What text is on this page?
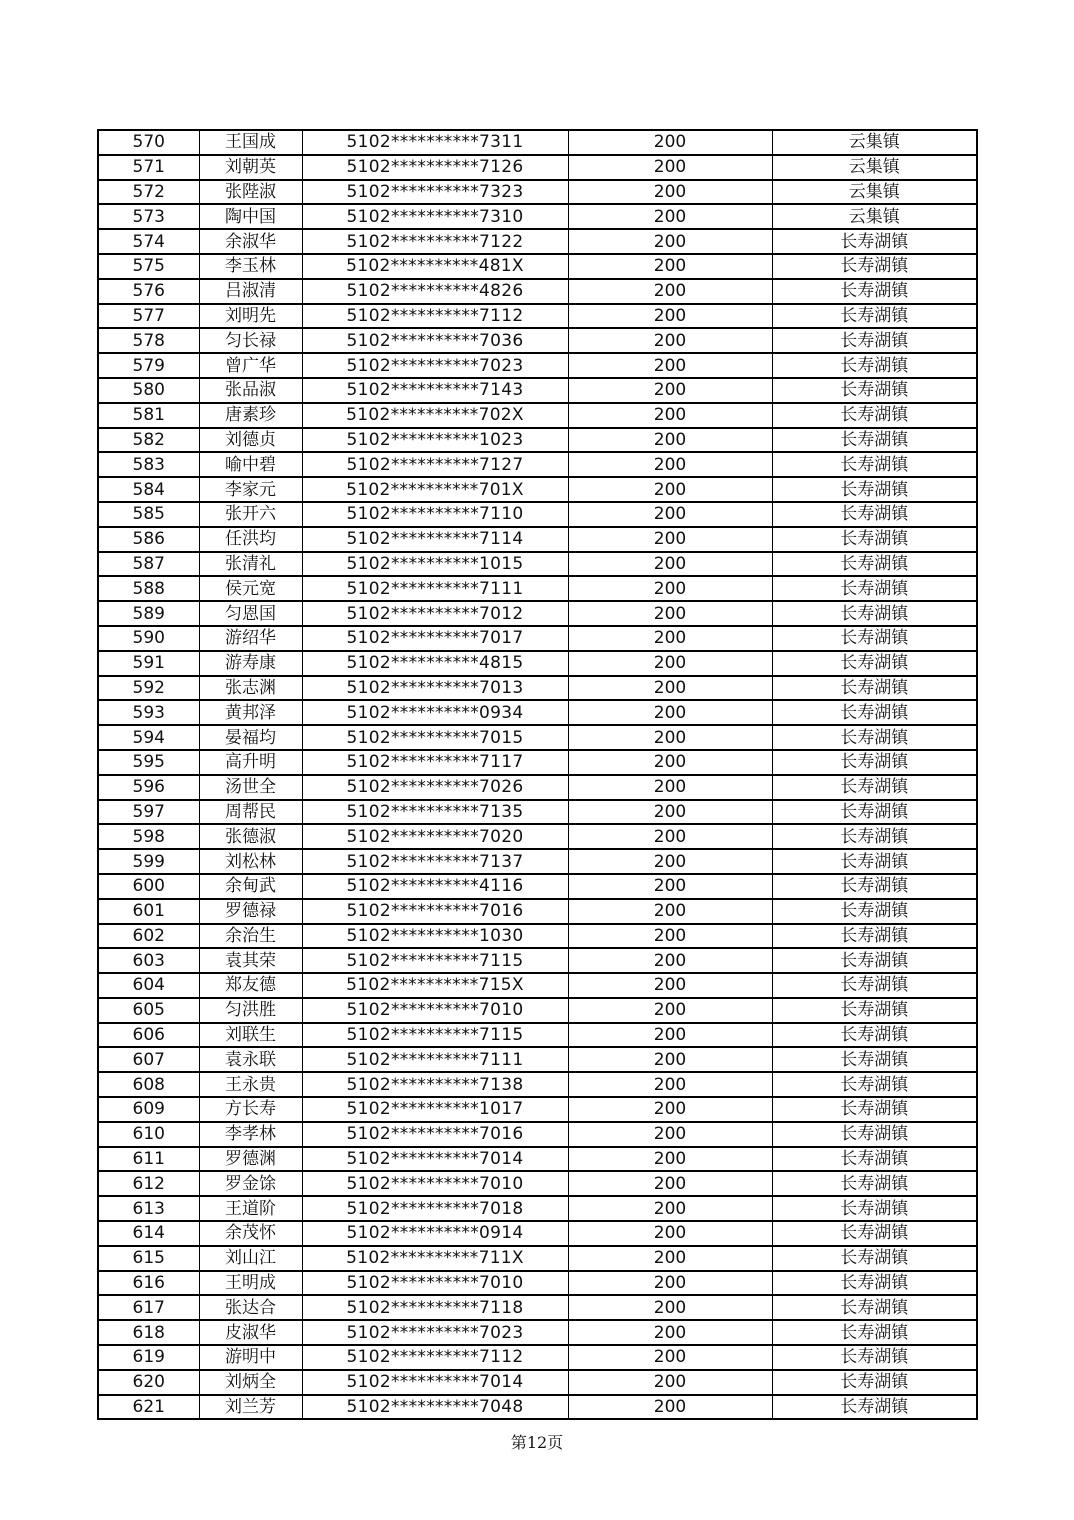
570	王国成	5102**********7311	200	云集镇
571	刘朝英	5102**********7126	200	云集镇
572	张陛淑	5102**********7323	200	云集镇
573	陶中国	5102**********7310	200	云集镇
574	余淑华	5102**********7122	200	长寿湖镇
575	李玉林	5102**********481X	200	长寿湖镇
576	吕淑清	5102**********4826	200	长寿湖镇
577	刘明先	5102**********7112	200	长寿湖镇
578	匀长禄	5102**********7036	200	长寿湖镇
579	曾广华	5102**********7023	200	长寿湖镇
580	张品淑	5102**********7143	200	长寿湖镇
581	唐素珍	5102**********702X	200	长寿湖镇
582	刘德贞	5102**********1023	200	长寿湖镇
583	喻中碧	5102**********7127	200	长寿湖镇
584	李家元	5102**********701X	200	长寿湖镇
585	张开六	5102**********7110	200	长寿湖镇
586	任洪均	5102**********7114	200	长寿湖镇
587	张清礼	5102**********1015	200	长寿湖镇
588	侯元宽	5102**********7111	200	长寿湖镇
589	匀恩国	5102**********7012	200	长寿湖镇
590	游绍华	5102**********7017	200	长寿湖镇
591	游寿康	5102**********4815	200	长寿湖镇
592	张志渊	5102**********7013	200	长寿湖镇
593	黄邦泽	5102**********0934	200	长寿湖镇
594	晏福均	5102**********7015	200	长寿湖镇
595	高升明	5102**********7117	200	长寿湖镇
596	汤世全	5102**********7026	200	长寿湖镇
597	周帮民	5102**********7135	200	长寿湖镇
598	张德淑	5102**********7020	200	长寿湖镇
599	刘松林	5102**********7137	200	长寿湖镇
600	余甸武	5102**********4116	200	长寿湖镇
601	罗德禄	5102**********7016	200	长寿湖镇
602	余治生	5102**********1030	200	长寿湖镇
603	袁其荣	5102**********7115	200	长寿湖镇
604	郑友德	5102**********715X	200	长寿湖镇
605	匀洪胜	5102**********7010	200	长寿湖镇
606	刘联生	5102**********7115	200	长寿湖镇
607	袁永联	5102**********7111	200	长寿湖镇
608	王永贵	5102**********7138	200	长寿湖镇
609	方长寿	5102**********1017	200	长寿湖镇
610	李孝林	5102**********7016	200	长寿湖镇
611	罗德渊	5102**********7014	200	长寿湖镇
612	罗金馀	5102**********7010	200	长寿湖镇
613	王道阶	5102**********7018	200	长寿湖镇
614	余茂怀	5102**********0914	200	长寿湖镇
615	刘山江	5102**********711X	200	长寿湖镇
616	王明成	5102**********7010	200	长寿湖镇
617	张达合	5102**********7118	200	长寿湖镇
618	皮淑华	5102**********7023	200	长寿湖镇
619	游明中	5102**********7112	200	长寿湖镇
620	刘炳全	5102**********7014	200	长寿湖镇
621	刘兰芳	5102**********7048	200	长寿湖镇
第12页
